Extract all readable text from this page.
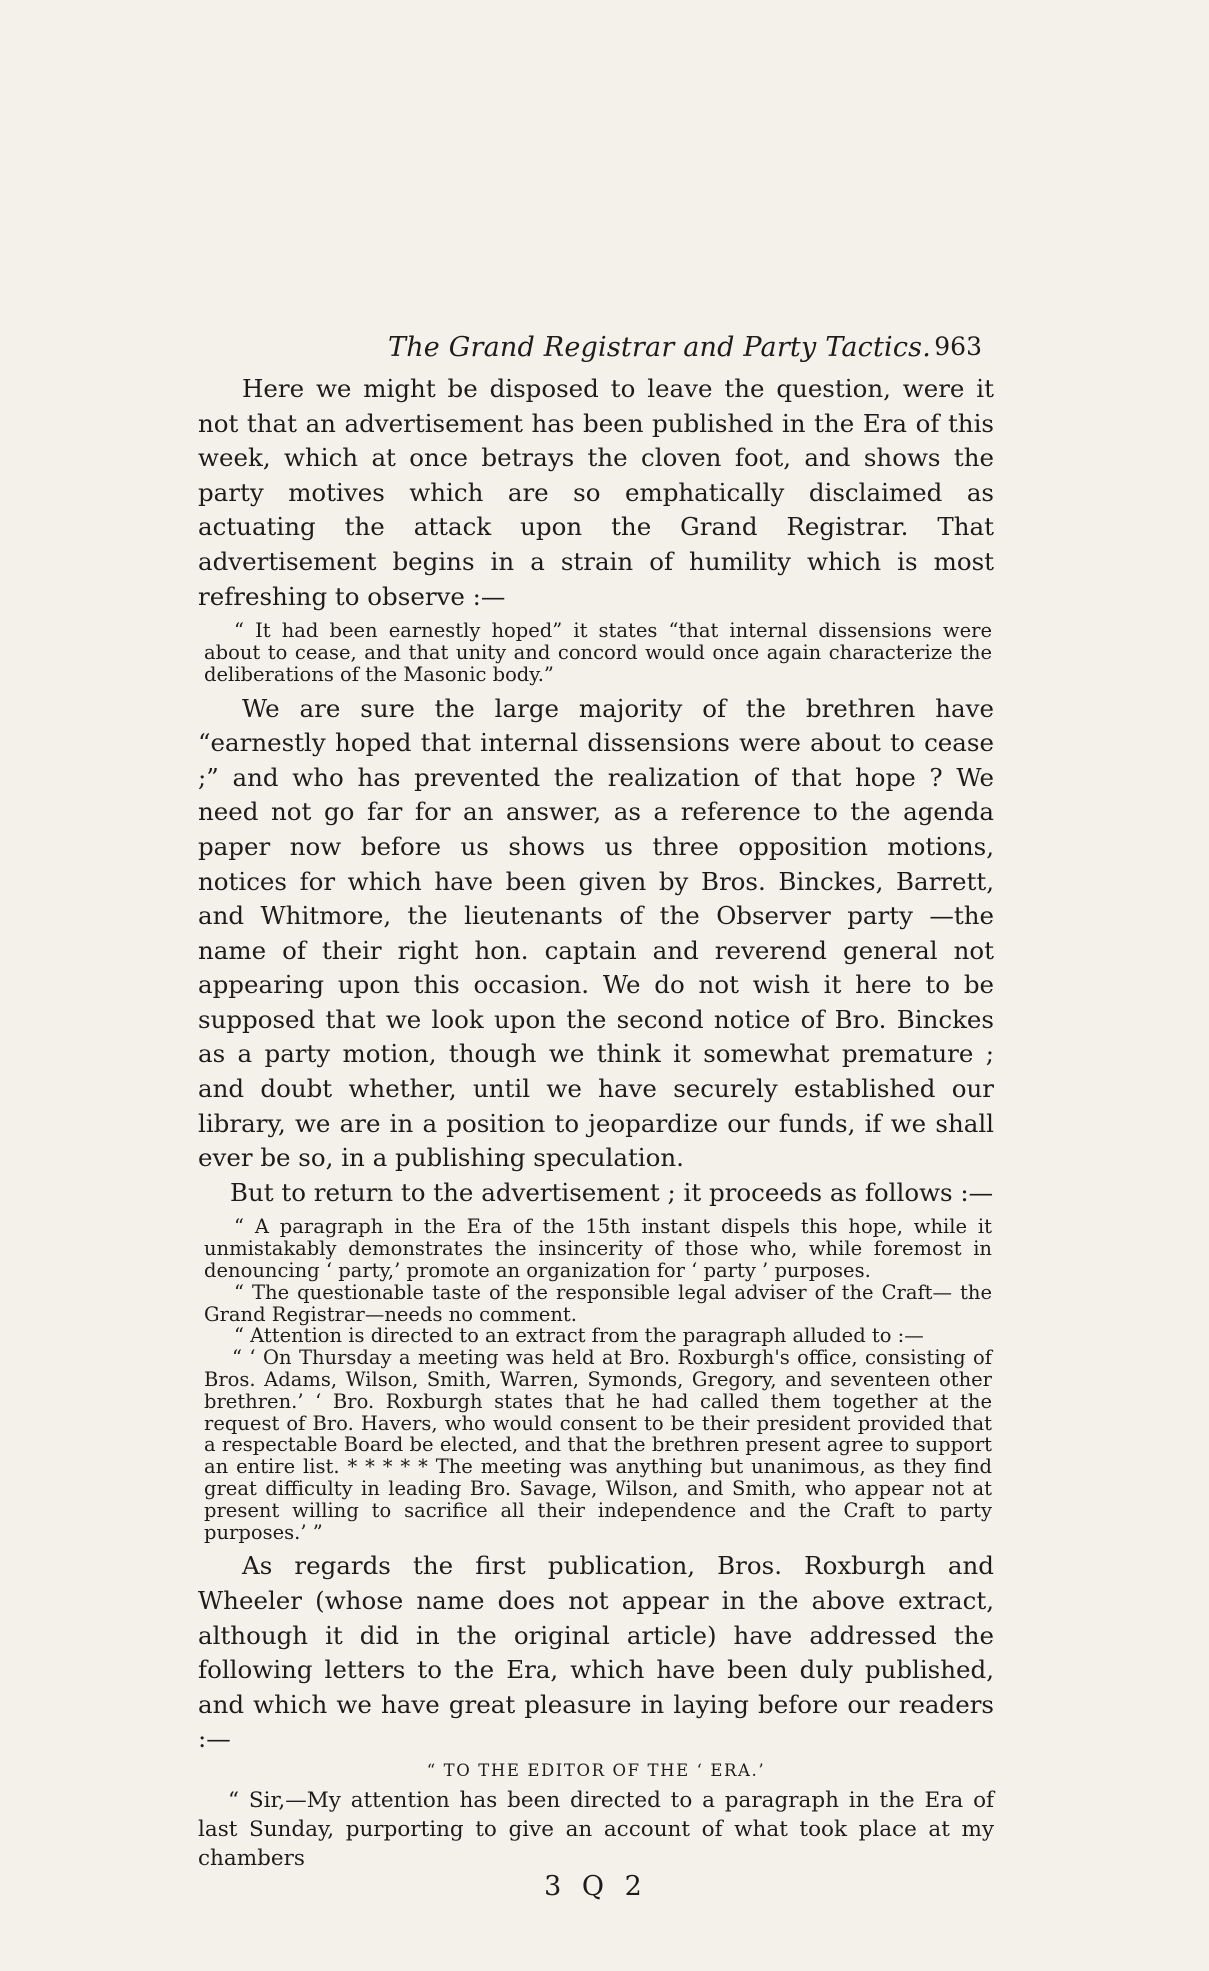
The Grand Registrar and Party Tactics. 963

Here we might be disposed to leave the question, were it not that an advertisement has been published in the Era of this week, which at once betrays the cloven foot, and shows the party motives which are so emphatically disclaimed as actuating the attack upon the Grand Registrar. That advertisement begins in a strain of humility which is most refreshing to observe :—

“ It had been earnestly hoped” it states “that internal dissensions were about to cease, and that unity and concord would once again characterize the deliberations of the Masonic body.”

We are sure the large majority of the brethren have “earnestly hoped that internal dissensions were about to cease ;” and who has prevented the realization of that hope ? We need not go far for an answer, as a reference to the agenda paper now before us shows us three opposition motions, notices for which have been given by Bros. Binckes, Barrett, and Whitmore, the lieutenants of the Observer party —the name of their right hon. captain and reverend general not appearing upon this occasion. We do not wish it here to be supposed that we look upon the second notice of Bro. Binckes as a party motion, though we think it somewhat premature ; and doubt whether, until we have securely established our library, we are in a position to jeopardize our funds, if we shall ever be so, in a publishing speculation.

But to return to the advertisement ; it proceeds as follows :—

“ A paragraph in the Era of the 15th instant dispels this hope, while it unmistakably demonstrates the insincerity of those who, while foremost in denouncing ‘ party,’ promote an organization for ‘ party ’ purposes.

“ The questionable taste of the responsible legal adviser of the Craft— the Grand Registrar—needs no comment.

“ Attention is directed to an extract from the paragraph alluded to :—

“ ‘ On Thursday a meeting was held at Bro. Roxburgh's office, consisting of Bros. Adams, Wilson, Smith, Warren, Symonds, Gregory, and seventeen other brethren.’ ‘ Bro. Roxburgh states that he had called them together at the request of Bro. Havers, who would consent to be their president provided that a respectable Board be elected, and that the brethren present agree to support an entire list. * * * * * The meeting was anything but unanimous, as they find great difficulty in leading Bro. Savage, Wilson, and Smith, who appear not at present willing to sacrifice all their independence and the Craft to party purposes.’ ”

As regards the first publication, Bros. Roxburgh and Wheeler (whose name does not appear in the above extract, although it did in the original article) have addressed the following letters to the Era, which have been duly published, and which we have great pleasure in laying before our readers :—

“ TO THE EDITOR OF THE ‘ ERA.’

“ Sir,—My attention has been directed to a paragraph in the Era of last Sunday, purporting to give an account of what took place at my chambers

3 Q 2
